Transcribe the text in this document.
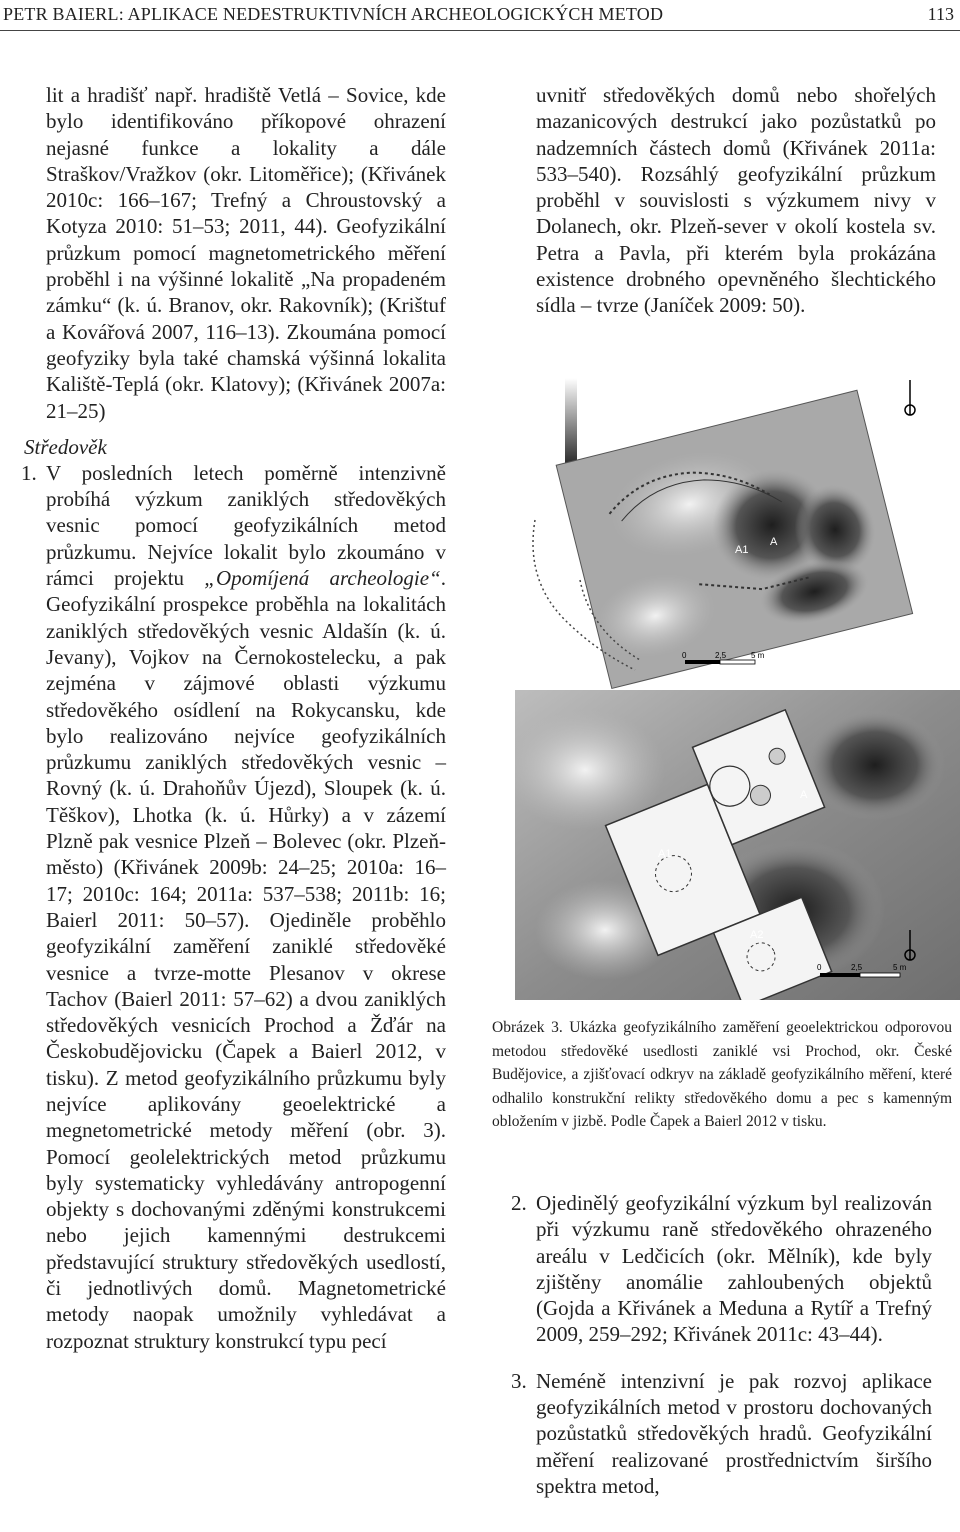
PETR BAIERL: APLIKACE NEDESTRUKTIVNÍCH ARCHEOLOGICKÝCH METOD	113

lit a hradišť např. hradiště Vetlá – Sovice, kde bylo identifikováno příkopové ohrazení nejasné funkce a lokality a dále Straškov/Vražkov (okr. Litoměřice); (Křivánek 2010c: 166–167; Trefný a Chroustovský a Kotyza 2010: 51–53; 2011, 44). Geofyzikální průzkum pomocí magnetometrického měření proběhl i na výšinné lokalitě „Na propadeném zámku“ (k. ú. Branov, okr. Rakovník); (Krištuf a Kovářová 2007, 116–13). Zkoumána pomocí geofyziky byla také chamská výšinná lokalita Kaliště-Teplá (okr. Klatovy); (Křivánek 2007a: 21–25)

Středověk

1. V posledních letech poměrně intenzivně probíhá výzkum zaniklých středověkých vesnic pomocí geofyzikálních metod průzkumu. Nejvíce lokalit bylo zkoumáno v rámci projektu „Opomíjená archeologie“. Geofyzikální prospekce proběhla na lokalitách zaniklých středověkých vesnic Aldašín (k. ú. Jevany), Vojkov na Černokostelecku, a pak zejména v zájmové oblasti výzkumu středověkého osídlení na Rokycansku, kde bylo realizováno nejvíce geofyzikálních průzkumu zaniklých středověkých vesnic – Rovný (k. ú. Drahoňův Újezd), Sloupek (k. ú. Těškov), Lhotka (k. ú. Hůrky) a v zázemí Plzně pak vesnice Plzeň – Bolevec (okr. Plzeň-město) (Křivánek 2009b: 24–25; 2010a: 16–17; 2010c: 164; 2011a: 537–538; 2011b: 16; Baierl 2011: 50–57). Ojediněle proběhlo geofyzikální zaměření zaniklé středověké vesnice a tvrze-motte Plesanov v okrese Tachov (Baierl 2011: 57–62) a dvou zaniklých středověkých vesnicích Prochod a Žďár na Českobudějovicku (Čapek a Baierl 2012, v tisku). Z metod geofyzikálního průzkumu byly nejvíce aplikovány geoelektrické a megnetometrické metody měření (obr. 3). Pomocí geolelektrických metod průzkumu byly systematicky vyhledávány antropogenní objekty s dochovanými zděnými konstrukcemi nebo jejich kamennými destrukcemi představující struktury středověkých usedlostí, či jednotlivých domů. Magnetometrické metody naopak umožnily vyhledávat a rozpoznat struktury konstrukcí typu pecí

uvnitř středověkých domů nebo shořelých mazanicových destrukcí jako pozůstatků po nadzemních částech domů (Křivánek 2011a: 533–540). Rozsáhlý geofyzikální průzkum proběhl v souvislosti s výzkumem nivy v Dolanech, okr. Plzeň-sever v okolí kostela sv. Petra a Pavla, při kterém byla prokázána existence drobného opevněného šlechtického sídla – tvrze (Janíček 2009: 50).

A1
A
0	2,5	5 m
A
A1
A2
0	2,5	5 m

Obrázek 3. Ukázka geofyzikálního zaměření geoelektrickou odporovou metodou středověké usedlosti zaniklé vsi Prochod, okr. České Budějovice, a zjišťovací odkryv na základě geofyzikálního měření, které odhalilo konstrukční relikty středověkého domu a pec s kamenným obložením v jizbě. Podle Čapek a Baierl 2012 v tisku.

2. Ojedinělý geofyzikální výzkum byl realizován při výzkumu raně středověkého ohrazeného areálu v Ledčicích (okr. Mělník), kde byly zjištěny anomálie zahloubených objektů (Gojda a Křivánek a Meduna a Rytíř a Trefný 2009, 259–292; Křivánek 2011c: 43–44).

3. Neméně intenzivní je pak rozvoj aplikace geofyzikálních metod v prostoru dochovaných pozůstatků středověkých hradů. Geofyzikální měření realizované prostřednictvím širšího spektra metod,
